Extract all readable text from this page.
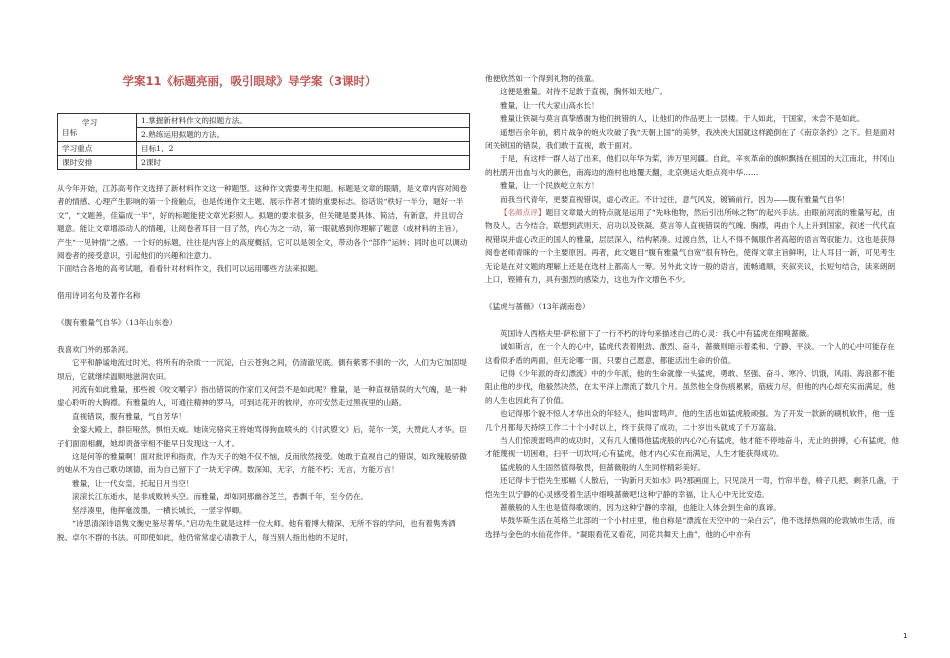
学案11《标题亮丽，吸引眼球》导学案（3课时）
学习
目标	1.掌握新材料作文的拟题方法。
	2.熟练运用拟题的方法。
学习重点	目标1、2
课时安排	2课时

从今年开始，江苏高考作文选择了新材料作文这一种题型。这种作文需要考生拟题。标题是文章的眼睛，是文章内容对阅卷者的情感、心理产生影响的第一个接触点，也是传递作文主题、展示作者才情的重要标志。俗话说“秩好一半分，题好一半文”，“文题善，佳篇成一半”，好的标题能使文章光彩照人。拟题的要求很多，但关键是要具体、简洁，有新意，并且切合题意。能让文章增添动人的情趣，让阅卷者耳目一目了然，内心为之一动，第一眼就感到你理解了题意（或材料的主旨），产生“一见钟情”之感。一个好的标题，往往是内容上的高度概括，它可以是领全文，带动各个“部件”运转；同时也可以调动阅卷者的接受意识，引起他们的兴趣和注意力。

下面结合各地的高考试题，看看针对材料作文，我们可以运用哪些方法来拟题。

借用诗词名句及著作名称

《腹有雅量气自华》（13年山东卷）

我喜欢门外的那条河。

它平和静谧地流过时光，将所有的杂质一一沉淀，白云苍狗之间，仍清澈见底。偶有紫雾不驯的一次，人们为它加固堤坝后，它就继续温顺地滋润农田。

河流有如此雅量，那些被《咬文嚼字》指出错误的作家们又何尝不是如此呢？雅量，是一种直视错误的大气魄，是一种虚心聆听的大胸襟。有雅量的人，可通往精神的罗马，可到达花开的彼岸，亦可安然走过黑夜里的山路。

直视错误，腹有雅量，气自芳华！

金銮大殿上，群臣哑然，惧怕天威。她读完骆宾王将她骂得狗血喷头的《讨武曌文》后，莞尔一笑，大赞此人才华。臣子们面面相觑，她却责备宰相不能早日发现这一人才。

这是何等的雅量啊！面对批评和指责，作为天子的她不仅不恼，反而欣然接受。她敢于直视自己的错误，如玫瑰般骄傲的她从不为自己歌功颂德，而为自己留下了一块无字碑。数深知，无字，方能不朽；无言，方能万言！

雅量，让一代女皇，托起日月当空！

滚滚长江东逝水，是非成败转头空。而雅量，却如同那幽谷芝兰，香飘千年，至今仍在。

坚浮凑里，他挥毫泼墨，一横长城长，一竖字悍卿。

“诗思清深诗语隽文衡史鉴尽菁华。”启功先生就是这样一位大师。他有着博大精深、无所不容的学问，也有着隽秀洒脱、卓尔不群的书法。可即使如此，他仍常常虚心请教于人，每当别人指出他的不足时，

他便欣然如一个得到礼物的孩童。

这便是雅量。对待不足敢于直视，胸怀如天地广。

雅量，让一代大家山高水长！

雅量让铁凝与莫言真挚感谢为他们挑错的人，让他们的作品更上一层楼。于人如此，于国家，未尝不是如此。

遥想百余年前，鸦片战争的炮火攻破了我“天朝上国”的美梦，我泱泱大国就这样跪倒在了《南京条约》之下。但是面对闭关锁国的错误，我们敢于直视，敢于面对。

于是，有这样一群人站了出来，他们以年华为桨，涉万里河疆。自此，辛亥革命的旗帜飘扬在祖国的大江南北，井冈山的杜鹃开出血与火的颜色，南海边的渔村也地覆天翻，北京奥运火炬点亮中华……

雅量，让一个民族屹立东方！

而我当代青年，更要直视错误，虚心改正。不计过往，意气风发，镀镝前行，因为——腹有雅量气自华！

【名师点评】题目文章最大的特点就是运用了“先咏他物，然后引出所咏之物”的起兴手法。由眼前河流的雅量写起，由物及人，古今结合，联想到武则天、启功以及铁凝、莫言等人直视错误的气魄、胸襟，再由个人上升到国家，叙述一代代直视错误并虚心改正的国人的雅量，层层深入，结构紧凑。过渡自然，让人不得不佩服作者高超的语言驾驭能力。这也是获得阅卷老师青睐的一个主要原因。再者，此文题目“腹有雅量气自宽”很有特色，使得文章主旨鲜明，让人耳目一新，可见考生无论是在对文题的理解上还是在选材上都高人一筹。另外此文诗一般的语言，流畅通顺，夹叙夹议，长短句结合，读来朗朗上口，铿锵有力，具有强烈的感染力，这也为作文增色不少。

《猛虎与蔷薇》（13年湖南卷）

英国诗人西格夫里·萨松留下了一行不朽的诗句来描述自己的心灵：我心中有猛虎在细嗅蔷薇。

诚如斯言，在一个人的心中，猛虎代表着刚劲、激烈、奋斗，蔷薇则暗示着柔和、宁静、平淡。一个人的心中可能存在这看似矛盾的两面，但无论哪一面，只要自己愿意，都能活出生命的价值。

记得《少年派的奇幻漂流》中的少年派，他的生命就像一头猛虎，勇敢、坚强、奋斗、寒冷、饥饿，风雨、海浪都不能阻止他的步伐，他毅然决然，在太平洋上漂流了数几个月。虽然他全身伤痕累累，筋疲力尽，但他的内心却充实而满足，他的人生也因此有了价值。

也记得那个貌不惊人才华出众的年轻人，他叫雷鸣声。他的生活也如猛虎般顽强。为了开发一款新的刷机软件，他一连几个月都每天持续工作二十个小时以上，终于获得了成功，二十岁出头就成了千万富翁。

当人们惊羡雷鸣声的成功时，又有几人懂得他猛虎般的内心?心有猛虎，他才能不停地奋斗，无止的拼搏，心有猛虎，他才能蔑视一切困难，扫平一切坎坷;心有猛虎，他才内心实在而满足，人生才能获得成功。

猛虎般的人生固然值得敬畏，但蔷薇般的人生同样精彩美好。

还记得卡于恺先生那幅《人散后，一钩新月天如水》吗?那画面上，只见淡月一弯，竹帘半卷，椅子几把，剩茶几盏，于恺先生以宁静的心灵感受着生活中细嗅蔷薇吧!这种宁静的幸福，让人心中无比安适。

蔷薇般的人生也是值得歌颂的，因为这种宁静的幸福，也能让人体会到生命的真谛。

毕鼓华斯生活在英格兰北部的一个小村庄里，他自称是“漂流在天空中的一朵白云”，他不选择热闹的伦敦城市生活，而选择与金色的水仙花作伴。“凝眼看花又看花，同花共舞天上曲”，他的心中亦有

1
